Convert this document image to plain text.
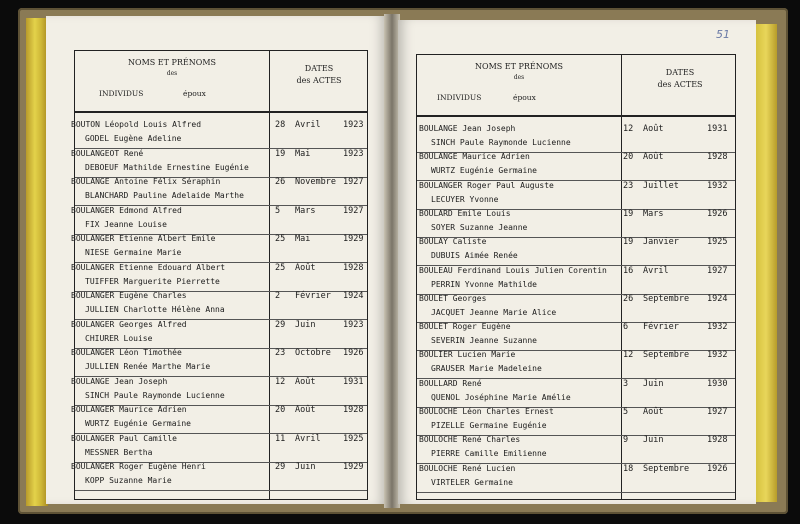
NOMS ET PRÉNOMS
des
INDIVIDUS	époux
DATES
des ACTES
BOUTON Léopold Louis Alfred
GODEL Eugène Adeline
28 Avril	1923
BOULANGEOT René
DEBOEUF Mathilde Ernestine Eugénie
19 Mai	1923
BOULANGE Antoine Félix Séraphin
BLANCHARD Pauline Adelaide Marthe
26 Novembre 1927
BOULANGER Edmond Alfred
FIX Jeanne Louise
5 Mars	1927
BOULANGER Etienne Albert Emile
NIESE Germaine Marie
25 Mai	1929
BOULANGER Etienne Edouard Albert
TUIFFER Marguerite Pierrette
25 Août	1928
BOULANGER Eugène Charles
JULLIEN Charlotte Hélène Anna
2 Février 1924
BOULANGER Georges Alfred
CHIURER Louise
29 Juin	1923
BOULANGER Léon Timothée
JULLIEN Renée Marthe Marie
23 Octobre 1926
BOULANGE Jean Joseph
SINCH Paule Raymonde Lucienne
12 Août	1931
BOULANGER Maurice Adrien
WURTZ Eugénie Germaine
20 Août	1928
BOULANGER Paul Camille
MESSNER Bertha
11 Avril	1925
BOULANGER Roger Eugène Henri
KOPP Suzanne Marie
29 Juin	1929
51
NOMS ET PRÉNOMS
des
INDIVIDUS	époux
DATES
des ACTES
BOULANGE Jean Joseph
SINCH Paule Raymonde Lucienne
12 Août	1931
BOULANGE Maurice Adrien
WURTZ Eugénie Germaine
20 Août	1928
BOULANGER Roger Paul Auguste
LECUYER Yvonne
23 Juillet	1932
BOULARD Emile Louis
SOYER Suzanne Jeanne
19 Mars	1926
BOULAY Caliste
DUBUIS Aimée Renée
19 Janvier	1925
BOULEAU Ferdinand Louis Julien Corentin
PERRIN Yvonne Mathilde
16 Avril	1927
BOULET Georges
JACQUET Jeanne Marie Alice
26 Septembre 1924
BOULET Roger Eugène
SEVERIN Jeanne Suzanne
6 Février	1932
BOULIER Lucien Marie
GRAUSER Marie Madeleine
12 Septembre 1932
BOULLARD René
QUENOL Joséphine Marie Amélie
3 Juin	1930
BOULOCHE Léon Charles Ernest
PIZELLE Germaine Eugénie
5 Août	1927
BOULOCHE René Charles
PIERRE Camille Emilienne
9 Juin	1928
BOULOCHE René Lucien
VIRTELER Germaine
18 Septembre 1926
